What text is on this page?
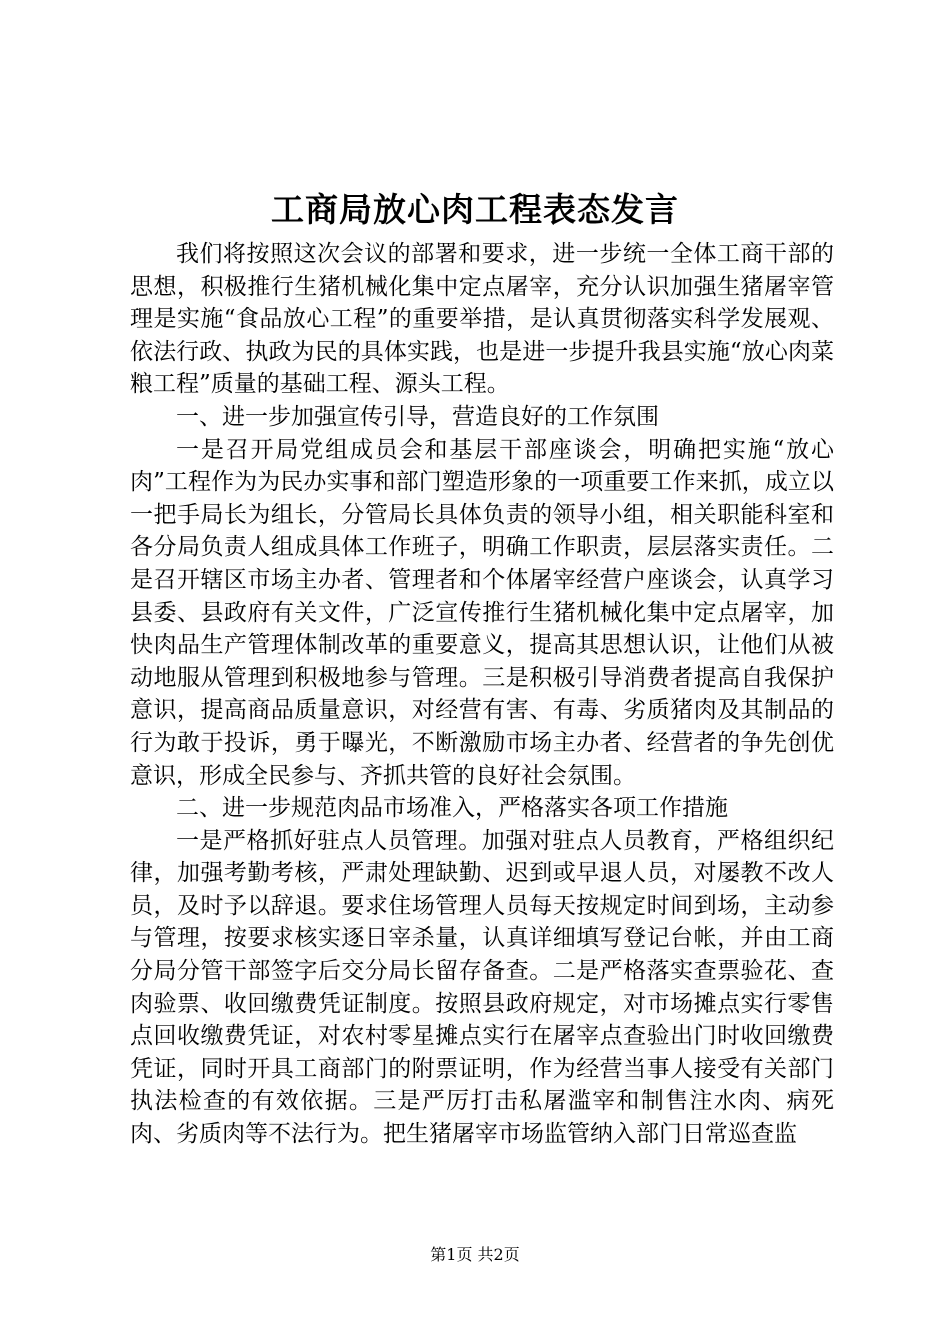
工商局放心肉工程表态发言

我们将按照这次会议的部署和要求，进一步统一全体工商干部的思想，积极推行生猪机械化集中定点屠宰，充分认识加强生猪屠宰管理是实施“食品放心工程”的重要举措，是认真贯彻落实科学发展观、依法行政、执政为民的具体实践，也是进一步提升我县实施“放心肉菜粮工程”质量的基础工程、源头工程。

一、进一步加强宣传引导，营造良好的工作氛围

一是召开局党组成员会和基层干部座谈会，明确把实施“放心肉”工程作为为民办实事和部门塑造形象的一项重要工作来抓，成立以一把手局长为组长，分管局长具体负责的领导小组，相关职能科室和各分局负责人组成具体工作班子，明确工作职责，层层落实责任。二是召开辖区市场主办者、管理者和个体屠宰经营户座谈会，认真学习县委、县政府有关文件，广泛宣传推行生猪机械化集中定点屠宰，加快肉品生产管理体制改革的重要意义，提高其思想认识，让他们从被动地服从管理到积极地参与管理。三是积极引导消费者提高自我保护意识，提高商品质量意识，对经营有害、有毒、劣质猪肉及其制品的行为敢于投诉，勇于曝光，不断激励市场主办者、经营者的争先创优意识，形成全民参与、齐抓共管的良好社会氛围。

二、进一步规范肉品市场准入，严格落实各项工作措施

一是严格抓好驻点人员管理。加强对驻点人员教育，严格组织纪律，加强考勤考核，严肃处理缺勤、迟到或早退人员，对屡教不改人员，及时予以辞退。要求住场管理人员每天按规定时间到场，主动参与管理，按要求核实逐日宰杀量，认真详细填写登记台帐，并由工商分局分管干部签字后交分局长留存备查。二是严格落实查票验花、查肉验票、收回缴费凭证制度。按照县政府规定，对市场摊点实行零售点回收缴费凭证，对农村零星摊点实行在屠宰点查验出门时收回缴费凭证，同时开具工商部门的附票证明，作为经营当事人接受有关部门执法检查的有效依据。三是严厉打击私屠滥宰和制售注水肉、病死肉、劣质肉等不法行为。把生猪屠宰市场监管纳入部门日常巡查监

第1页 共2页
